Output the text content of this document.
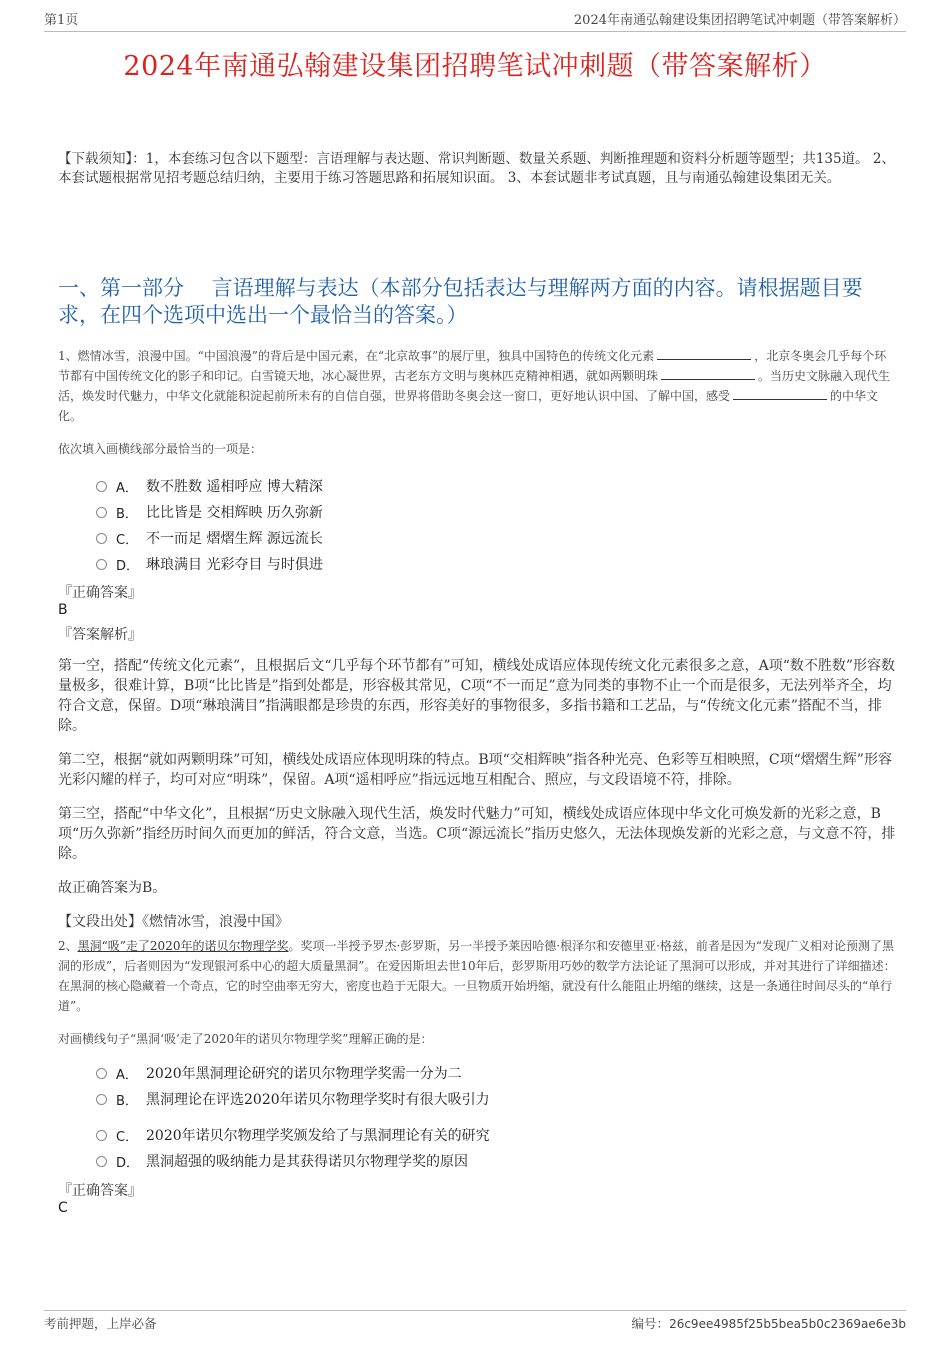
第1页	2024年南通弘翰建设集团招聘笔试冲刺题（带答案解析）
2024年南通弘翰建设集团招聘笔试冲刺题（带答案解析）
【下载须知】：1，本套练习包含以下题型：言语理解与表达题、常识判断题、数量关系题、判断推理题和资料分析题等题型；共135道。 2、本套试题根据常见招考题总结归纳，主要用于练习答题思路和拓展知识面。 3、本套试题非考试真题，且与南通弘翰建设集团无关。
一、第一部分　 言语理解与表达（本部分包括表达与理解两方面的内容。请根据题目要求，在四个选项中选出一个最恰当的答案。）
1、燃情冰雪，浪漫中国。“中国浪漫”的背后是中国元素，在“北京故事”的展厅里，独具中国特色的传统文化元素	，北京冬奥会几乎每个环节都有中国传统文化的影子和印记。白雪镜天地，冰心凝世界，古老东方文明与奥林匹克精神相遇，就如两颗明珠	。当历史文脉融入现代生活，焕发时代魅力，中华文化就能积淀起前所未有的自信自强，世界将借助冬奥会这一窗口，更好地认识中国、了解中国，感受	的中华文化。
依次填入画横线部分最恰当的一项是：
A． 数不胜数 遥相呼应 博大精深
B． 比比皆是 交相辉映 历久弥新
C． 不一而足 熠熠生辉 源远流长
D． 琳琅满目 光彩夺目 与时俱进
『正确答案』
B
『答案解析』

第一空，搭配“传统文化元素”，且根据后文“几乎每个环节都有”可知，横线处成语应体现传统文化元素很多之意，A项“数不胜数”形容数量极多，很难计算，B项“比比皆是”指到处都是，形容极其常见，C项“不一而足”意为同类的事物不止一个而是很多，无法列举齐全，均符合文意，保留。D项“琳琅满目”指满眼都是珍贵的东西，形容美好的事物很多，多指书籍和工艺品，与“传统文化元素”搭配不当，排除。

第二空，根据“就如两颗明珠”可知，横线处成语应体现明珠的特点。B项“交相辉映”指各种光亮、色彩等互相映照，C项“熠熠生辉”形容光彩闪耀的样子，均可对应“明珠”，保留。A项“遥相呼应”指远远地互相配合、照应，与文段语境不符，排除。

第三空，搭配“中华文化”，且根据“历史文脉融入现代生活，焕发时代魅力”可知，横线处成语应体现中华文化可焕发新的光彩之意，B项“历久弥新”指经历时间久而更加的鲜活，符合文意，当选。C项“源远流长”指历史悠久，无法体现焕发新的光彩之意，与文意不符，排除。

故正确答案为B。

【文段出处】《燃情冰雪，浪漫中国》

2、黑洞“吸”走了2020年的诺贝尔物理学奖。奖项一半授予罗杰·彭罗斯，另一半授予莱因哈德·根泽尔和安德里亚·格兹，前者是因为“发现广义相对论预测了黑洞的形成”，后者则因为“发现银河系中心的超大质量黑洞”。在爱因斯坦去世10年后，彭罗斯用巧妙的数学方法论证了黑洞可以形成，并对其进行了详细描述：在黑洞的核心隐藏着一个奇点，它的时空曲率无穷大，密度也趋于无限大。一旦物质开始坍缩，就没有什么能阻止坍缩的继续，这是一条通往时间尽头的“单行道”。
对画横线句子“黑洞‘吸’走了2020年的诺贝尔物理学奖”理解正确的是：
A． 2020年黑洞理论研究的诺贝尔物理学奖需一分为二
B． 黑洞理论在评选2020年诺贝尔物理学奖时有很大吸引力
C． 2020年诺贝尔物理学奖颁发给了与黑洞理论有关的研究
D． 黑洞超强的吸纳能力是其获得诺贝尔物理学奖的原因
『正确答案』
C
考前押题，上岸必备	编号：26c9ee4985f25b5bea5b0c2369ae6e3b
